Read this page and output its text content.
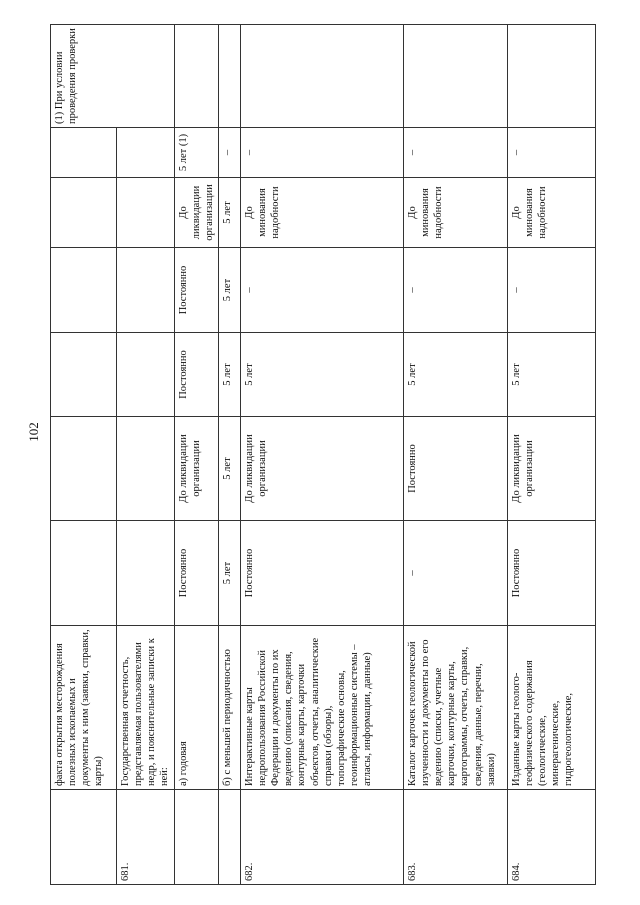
102
	факта открытия месторождения полезных ископаемых и документы к ним (заявки, справки, карты)							(1) При условии проведения проверки
681.	Государственная отчетность, представляемая пользователями недр, и пояснительные записки к ней:							
	а) годовая	Постоянно	До ликвидации организации	Постоянно	Постоянно	До ликвидации организации	5 лет (1)	
	б) с меньшей периодичностью	5 лет	5 лет	5 лет	5 лет	5 лет	–	
682.	Интерактивные карты недропользования Российской Федерации и документы по их ведению (описания, сведения, контурные карты, карточки объектов, отчеты, аналитические справки (обзоры), топографические основы, геоинформационные системы – атласы, информации, данные)	Постоянно	До ликвидации организации	5 лет	–	До минования надобности	–	
683.	Каталог карточек геологической изученности и документы по его ведению (списки, учетные карточки, контурные карты, картограммы, отчеты, справки, сведения, данные, перечни, заявки)	–	Постоянно	5 лет	–	До минования надобности	–	
684.	Изданные карты геолого-геофизического содержания (геологические, минерагенические, гидрогеологические,	Постоянно	До ликвидации организации	5 лет	–	До минования надобности	–	
